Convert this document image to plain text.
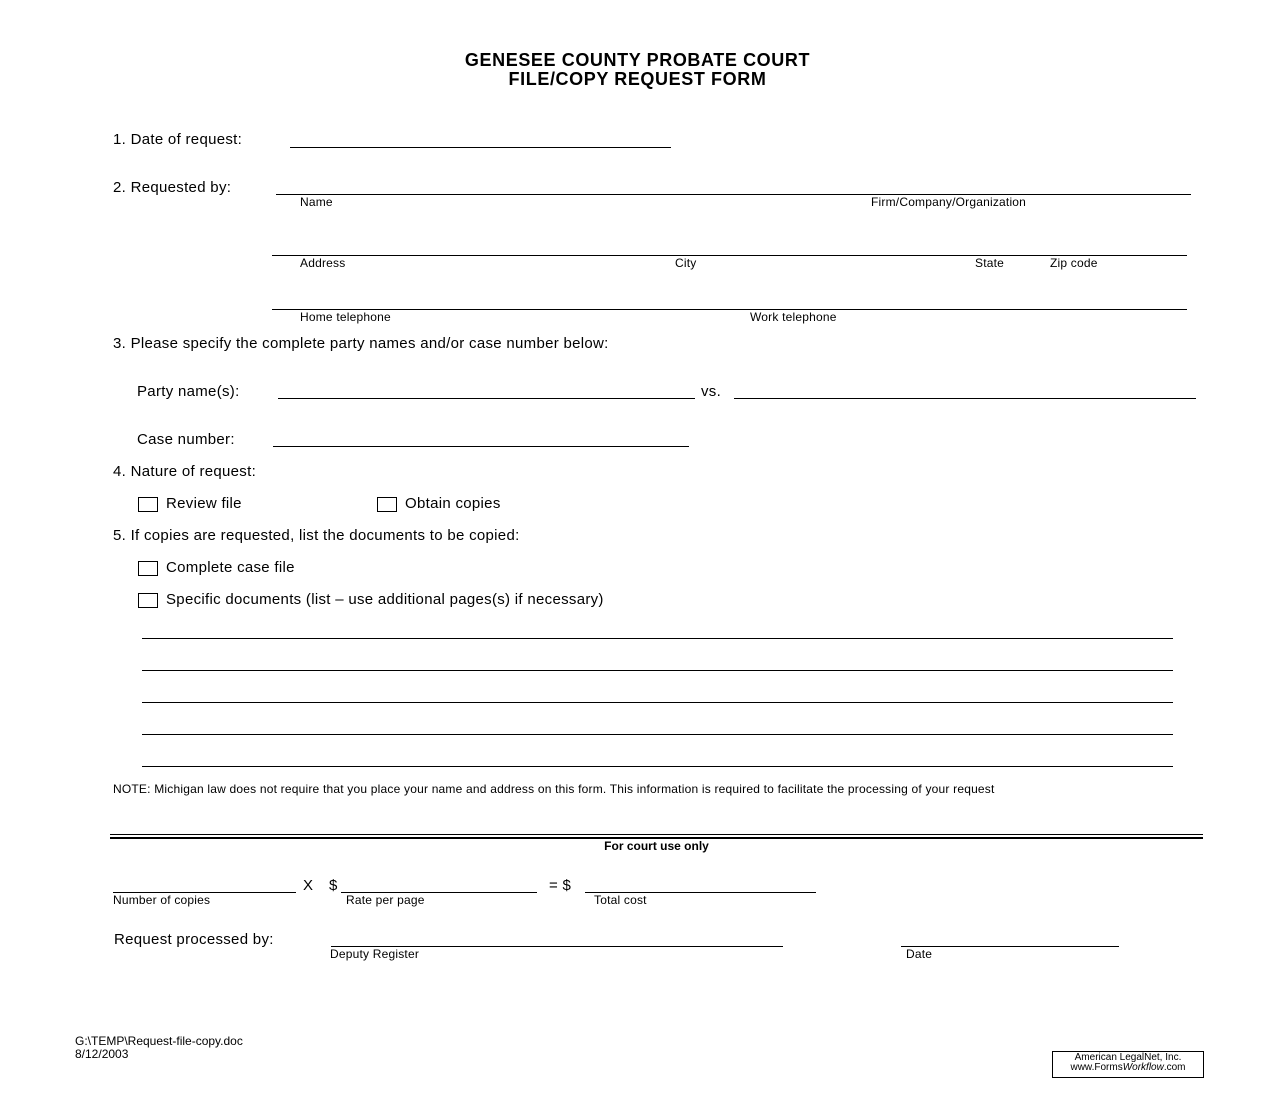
GENESEE COUNTY PROBATE COURT
FILE/COPY REQUEST FORM
1. Date of request:
2. Requested by:
Name	Firm/Company/Organization
Address	City	State	Zip code
Home telephone	Work telephone
3. Please specify the complete party names and/or case number below:
Party name(s):	vs.
Case number:
4. Nature of request:
Review file	Obtain copies
5. If copies are requested, list the documents to be copied:
Complete case file
Specific documents (list – use additional pages(s) if necessary)
NOTE: Michigan law does not require that you place your name and address on this form. This information is required to facilitate the processing of your request
For court use only
X $	= $
Number of copies	Rate per page	Total cost
Request processed by:
Deputy Register	Date
G:\TEMP\Request-file-copy.doc
8/12/2003	American LegalNet, Inc.
www.FormsWorkflow.com
